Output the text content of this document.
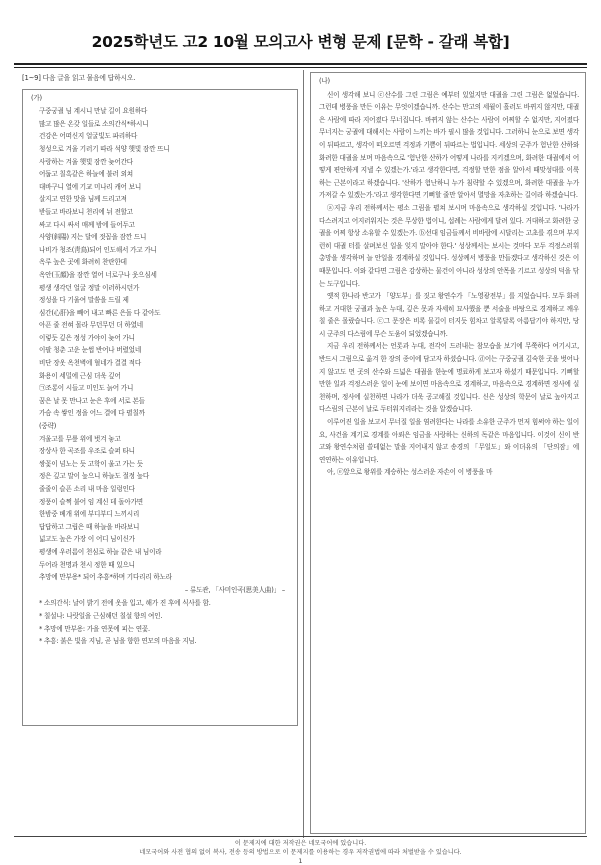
2025학년도 고2 10월 모의고사 변형 문제 [문학 - 갈래 복합]
[1~9] 다음 글을 읽고 물음에 답하시오.
(가)
구중궁궐 님 계시니 만날 길이 요원하다
많고 많은 온갖 일들로 소의간식*하시니
건강은 어떠신지 얼굴빛도 파리하다
청성으로 겨울 기러기 따라 석양 햇빛 잠깐 뜨니
사랑하는 겨울 햇빛 잠깐 늦어간다
어둡고 칠흑같은 하늘에 불러 외쳐
대바구니 열에 기교 미나리 캐어 보니
살지고 연한 맛을 님께 드리고져
받들고 바라보니 천리에 뉘 전할고
싸고 다시 싸서 매께 밤에 들어두고
사양(斜陽) 지는 달에 젓꼽을 잠깐 드니
나비가 청조(靑鳥)되어 인도해서 가고 가니
옥루 높은 곳에 화려히 찬란한데
옥안(玉顔)을 잠깐 열어 너로구나 웃으심세
평생 생각던 얼굴 정말 이러하시던가
정성을 다 기울여 말씀을 드릴 제
심간(心肝)을 빼어 내고 빠른 은돌 다 같아도
아픈 줄 전혀 몰라 무던무던 더 하였네
이렇듯 깊은 정성 가야이 늦어 가니
이팔 청춘 고운 눈썹 반어나 버렸었네
비단 장옷 옥천벽에 혈네가 결결 적다
화용이 세밀에 근심 더욱 깊어
㉠조롱이 시들고 미인도 늙어 가니
꿈은 날 못 만나고 눈은 후에 서로 본들
가슴 속 쌓인 정을 어느 결에 다 펼칠까
(중략)
겨울고를 무릎 위에 벗겨 놓고
장상사 한 곡조를 우조로 슬퍼 타니
쌍꽃이 넘노는 듯 고학이 울고 가는 듯
정은 깊고 말이 높으니 하늘도 절정 높다
줄줄이 슬픈 소리 내 마음 일렁인다
정풍이 슬쩍 불어 임 계신 데 돌아가면
한밤중 베개 위에 부디부디 느끼시리
답답하고 그립은 때 하늘을 바라보니
넓고도 높은 가장 이 어디 님이신가
평생에 우러름이 천심로 하늘 같은 내 님이라
두어라 천명과 천시 정한 때 있으니
추망에 만부용* 되어 추흥*하며 기다리리 하노라
– 류도관, 「사미인곡(思美人曲)」 –
* 소의간식: 날이 밝기 전에 옷을 입고, 해가 진 후에 식사를 함.
* 칠설나: 나랏일을 근심해던 칠설 향의 여인.
* 추망에 만부용: 가을 연못에 피는 연꽃.
* 추흥: 붉은 빛을 지님, 곧 님을 향한 연모의 마음을 지님.
(나)
신이 생각해 보니 ⓒ산수를 그린 그림은 예부터 있었지만 대궐을 그린 그림은 없었습니다. 그런데 병풍을 만든 이유는 무엇이겠습니까. 산수는 만고의 세월이 흘러도 바뀌지 않지만, 대궐은 사람에 따라 지어졌다 무너집니다. 바뀌지 않는 산수는 사람이 어찌할 수 없지만, 지어졌다 무너지는 궁궐에 대해서는 사람이 느끼는 바가 필시 많을 것입니다. 그러하니 눈으로 보면 생각이 뒤따르고, 생각이 떠오르면 걱정과 기쁨이 뒤따르는 법입니다. 세상의 군주가 험난한 산하와 화려한 대궐을 보며 마음속으로 '험난한 산하가 어떻게 나라를 지키겠으며, 화려한 대궐에서 어떻게 편안하게 지낼 수 있겠는가.'라고 생각한다면, 걱정할 만한 점을 알아서 때맞성대를 이룩하는 근본이라고 하겠습니다. '산하가 험난하니 누가 침략할 수 있겠으며, 화려한 대궐을 누가 가져갈 수 있겠는가.'라고 생각한다면 기뻐할 줄만 알아서 멸망을 자초하는 길이라 하겠습니다.
ⓐ지금 우리 전하께서는 평소 그림을 펼쳐 보시며 마음속으로 생각하실 것입니다. '나라가 다스려지고 어지러워지는 것은 무상한 법이니, 섭례는 사람에게 달려 있다. 거대하고 화려한 궁궐을 어찌 항상 소유할 수 있겠는가. ⓑ선대 임금들께서 비바람에 시달리는 고초를 겪으며 부지런히 대궐 터를 살펴보신 일을 잊지 말아야 한다.' 성상께서는 보시는 것마다 모두 걱정스러워 총망을 생각하며 늘 안일을 경계하실 것입니다. 성상께서 병풍을 만들겠다고 생각하신 것은 이 때문입니다. 이와 같다면 그림은 감상하는 물건이 아니라 성상의 안목을 기르고 성상의 덕을 닦는 도구입니다.
옛적 한나라 반고가 「양도부」를 짓고 왕연수가 「노영광전부」를 지었습니다. 모두 화려하고 거대한 궁궐과 높은 누대, 깊은 못과 자세히 묘사했을 뿐 서술을 바탕으로 경계하고 깨우칠 줄은 몰랐습니다. ⓒ그 문장은 비록 물길이 터지듯 힘차고 알록달록 아름답기야 하지만, 당시 군주의 다스림에 무슨 도움이 되었겠습니까.
지금 우리 전하께서는 언롯과 누대, 전각이 드러내는 참모습을 보기에 무쭉하다 여기시고, 반드시 그림으로 옮겨 한 장의 종이에 담고자 하셨습니다. ⓓ이는 구중궁궐 깊숙한 곳을 벗어나지 않고도 먼 곳의 산수와 드넓은 대궐을 한눈에 명료하게 보고자 하셨기 때문입니다. 기뻐할 만한 일과 걱정스러운 일이 눈에 보이면 마음속으로 경계하고, 마음속으로 경계하면 정사에 실천하며, 정사에 실천하면 나라가 더욱 공고해질 것입니다. 신은 성상의 학문이 날로 높아지고 다스림의 근본이 날로 두터워지리라는 것을 알겠습니다.
이루어진 일을 보고서 무너질 일을 염려한다는 나라를 소유한 군주가 먼저 힘써야 하는 일이요, 사건을 계기로 경계를 아뢰은 임금을 사랑하는 신하의 독같은 마음입니다. 이것이 신이 반고와 왕연수처럼 쓸데없는 말을 지어내지 않고 송경의 「무일도」와 이더유의 「단의잠」에 연연하는 이유입니다.
아, ⓔ앞으로 왕위를 계승하는 성스러운 자손이 이 병풍을 마
이 문제지에 대한 저작권은 네모국어에 있습니다.
네모국어와 사전 협의 없이 복사, 전송 등의 방법으로 이 문제지를 이용하는 경우 저작권법에 따라 처벌받을 수 있습니다.
1
